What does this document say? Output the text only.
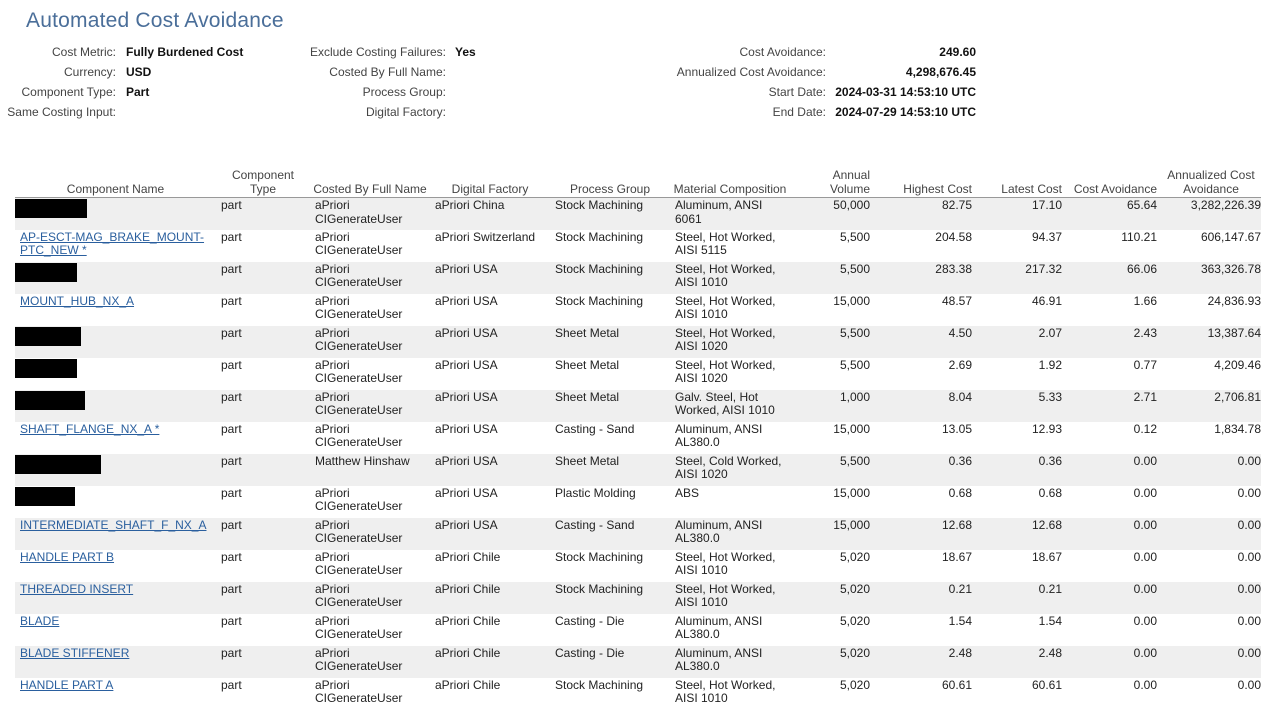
Automated Cost Avoidance
Cost Metric: Fully Burdened Cost
Currency: USD
Component Type: Part
Same Costing Input:
Exclude Costing Failures: Yes
Costed By Full Name:
Process Group:
Digital Factory:
Cost Avoidance:	249.60
Annualized Cost Avoidance:	4,298,676.45
Start Date: 2024-03-31 14:53:10 UTC
End Date: 2024-07-29 14:53:10 UTC
Component Name	Component Type	Costed By Full Name	Digital Factory	Process Group	Material Composition	Annual Volume	Highest Cost	Latest Cost	Cost Avoidance	Annualized Cost Avoidance
	part	aPriori CIGenerateUser	aPriori China	Stock Machining	Aluminum, ANSI 6061	50,000	82.75	17.10	65.64	3,282,226.39
AP-ESCT-MAG_BRAKE_MOUNT-PTC_NEW *	part	aPriori CIGenerateUser	aPriori Switzerland	Stock Machining	Steel, Hot Worked, AISI 5115	5,500	204.58	94.37	110.21	606,147.67
	part	aPriori CIGenerateUser	aPriori USA	Stock Machining	Steel, Hot Worked, AISI 1010	5,500	283.38	217.32	66.06	363,326.78
MOUNT_HUB_NX_A	part	aPriori CIGenerateUser	aPriori USA	Stock Machining	Steel, Hot Worked, AISI 1010	15,000	48.57	46.91	1.66	24,836.93
	part	aPriori CIGenerateUser	aPriori USA	Sheet Metal	Steel, Hot Worked, AISI 1020	5,500	4.50	2.07	2.43	13,387.64
	part	aPriori CIGenerateUser	aPriori USA	Sheet Metal	Steel, Hot Worked, AISI 1020	5,500	2.69	1.92	0.77	4,209.46
	part	aPriori CIGenerateUser	aPriori USA	Sheet Metal	Galv. Steel, Hot Worked, AISI 1010	1,000	8.04	5.33	2.71	2,706.81
SHAFT_FLANGE_NX_A *	part	aPriori CIGenerateUser	aPriori USA	Casting - Sand	Aluminum, ANSI AL380.0	15,000	13.05	12.93	0.12	1,834.78
	part	Matthew Hinshaw	aPriori USA	Sheet Metal	Steel, Cold Worked, AISI 1020	5,500	0.36	0.36	0.00	0.00
	part	aPriori CIGenerateUser	aPriori USA	Plastic Molding	ABS	15,000	0.68	0.68	0.00	0.00
INTERMEDIATE_SHAFT_F_NX_A	part	aPriori CIGenerateUser	aPriori USA	Casting - Sand	Aluminum, ANSI AL380.0	15,000	12.68	12.68	0.00	0.00
HANDLE PART B	part	aPriori CIGenerateUser	aPriori Chile	Stock Machining	Steel, Hot Worked, AISI 1010	5,020	18.67	18.67	0.00	0.00
THREADED INSERT	part	aPriori CIGenerateUser	aPriori Chile	Stock Machining	Steel, Hot Worked, AISI 1010	5,020	0.21	0.21	0.00	0.00
BLADE	part	aPriori CIGenerateUser	aPriori Chile	Casting - Die	Aluminum, ANSI AL380.0	5,020	1.54	1.54	0.00	0.00
BLADE STIFFENER	part	aPriori CIGenerateUser	aPriori Chile	Casting - Die	Aluminum, ANSI AL380.0	5,020	2.48	2.48	0.00	0.00
HANDLE PART A	part	aPriori CIGenerateUser	aPriori Chile	Stock Machining	Steel, Hot Worked, AISI 1010	5,020	60.61	60.61	0.00	0.00
